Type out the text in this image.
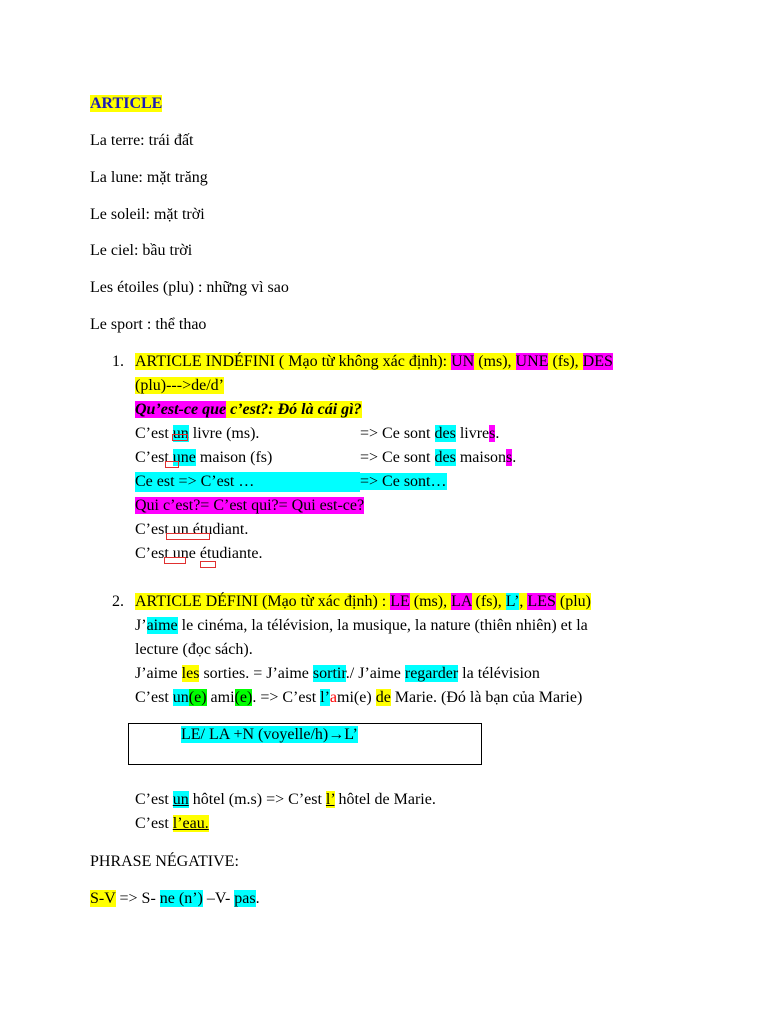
ARTICLE
La terre: trái đất
La lune: mặt trăng
Le soleil: mặt trời
Le ciel: bầu trời
Les étoiles (plu) : những vì sao
Le sport : thể thao
1. ARTICLE INDÉFINI ( Mạo từ không xác định): UN (ms), UNE (fs), DES
(plu)--->de/d’
Qu’est-ce que c’est?: Đó là cái gì?
C’est un livre (ms).	=> Ce sont des livres.
C’est une maison (fs)	=> Ce sont des maisons.
Ce est => C’est …	=> Ce sont…
Qui c’est?= C’est qui?= Qui est-ce?
C’est un étudiant.
C’est une étudiante.
2. ARTICLE DÉFINI (Mạo từ xác định) : LE (ms), LA (fs), L’, LES (plu)
J’aime le cinéma, la télévision, la musique, la nature (thiên nhiên) et la
lecture (đọc sách).
J’aime les sorties. = J’aime sortir./ J’aime regarder la télévision
C’est un(e) ami(e). => C’est l’ami(e) de Marie. (Đó là bạn của Marie)
LE/ LA +N (voyelle/h)→L’
C’est un hôtel (m.s) => C’est l’ hôtel de Marie.
C’est l’eau.
PHRASE NÉGATIVE:
S-V => S- ne (n’) –V- pas.
